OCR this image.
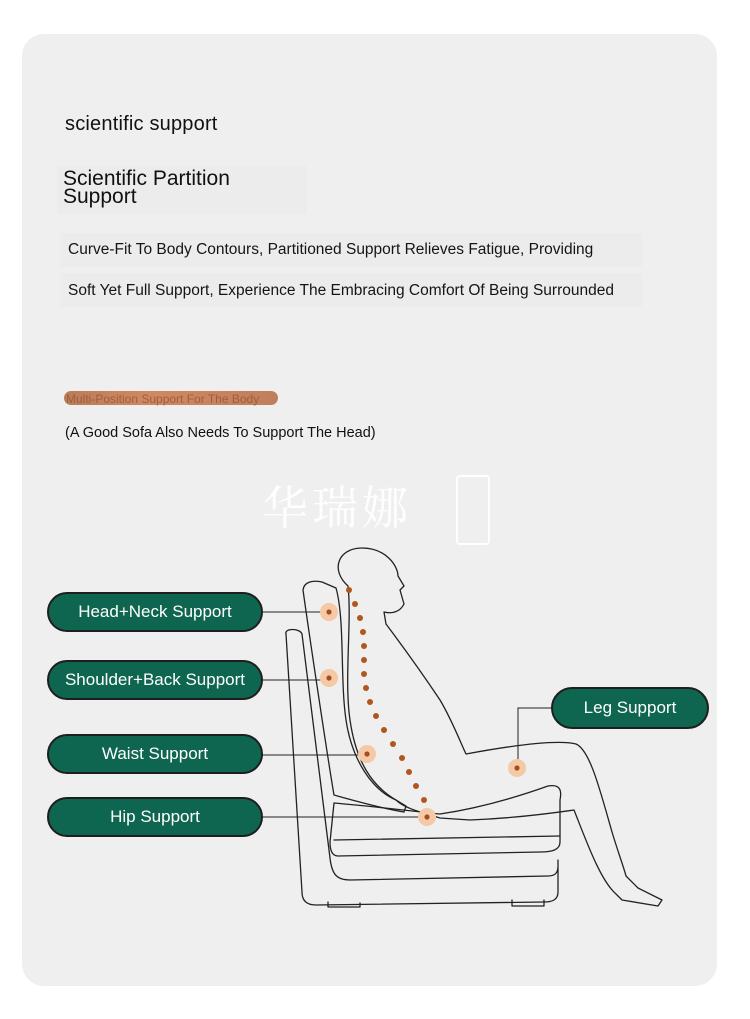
scientific support
Scientific Partition
Support
Curve-Fit To Body Contours, Partitioned Support Relieves Fatigue, Providing
Soft Yet Full Support, Experience The Embracing Comfort Of Being Surrounded
Multi-Position Support For The Body
(A Good Sofa Also Needs To Support The Head)
华瑞娜
Head+Neck Support
Shoulder+Back Support
Waist Support
Hip Support
Leg Support
